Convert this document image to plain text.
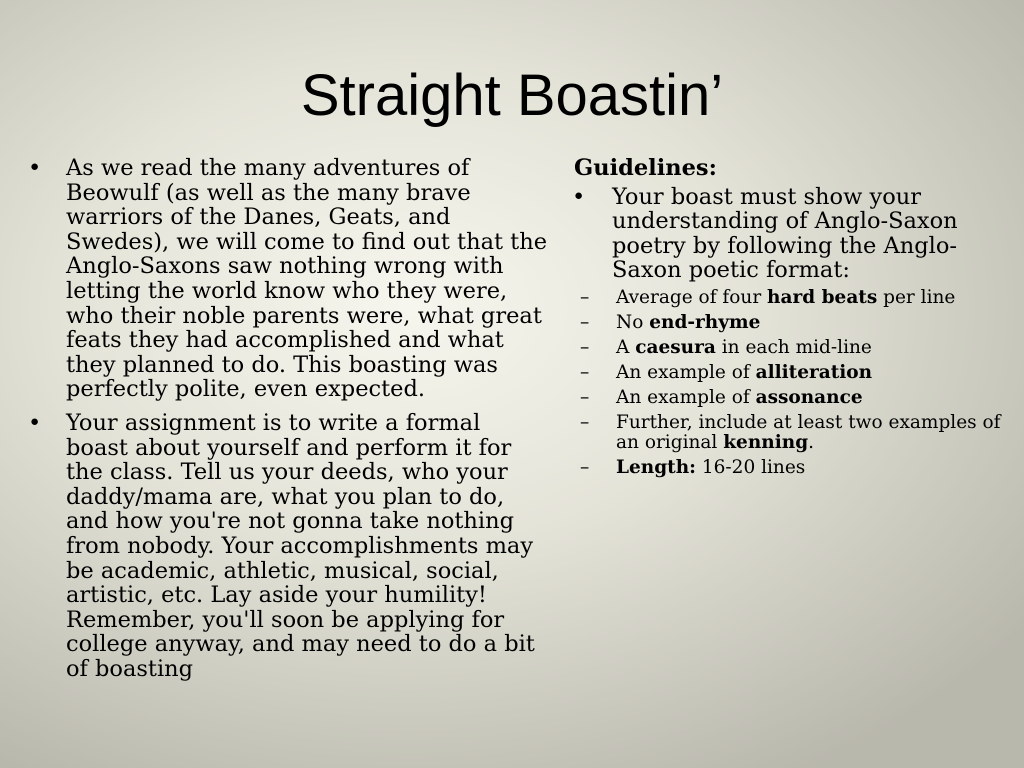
Straight Boastin’
• As we read the many adventures of Beowulf (as well as the many brave warriors of the Danes, Geats, and Swedes), we will come to find out that the Anglo-Saxons saw nothing wrong with letting the world know who they were, who their noble parents were, what great feats they had accomplished and what they planned to do. This boasting was perfectly polite, even expected.
• Your assignment is to write a formal boast about yourself and perform it for the class. Tell us your deeds, who your daddy/mama are, what you plan to do, and how you're not gonna take nothing from nobody. Your accomplishments may be academic, athletic, musical, social, artistic, etc. Lay aside your humility! Remember, you'll soon be applying for college anyway, and may need to do a bit of boasting
Guidelines:
• Your boast must show your understanding of Anglo-Saxon poetry by following the Anglo-Saxon poetic format:
–	Average of four hard beats per line
–	No end-rhyme
–	A caesura in each mid-line
–	An example of alliteration
–	An example of assonance
–	Further, include at least two examples of an original kenning.
–	Length: 16-20 lines
